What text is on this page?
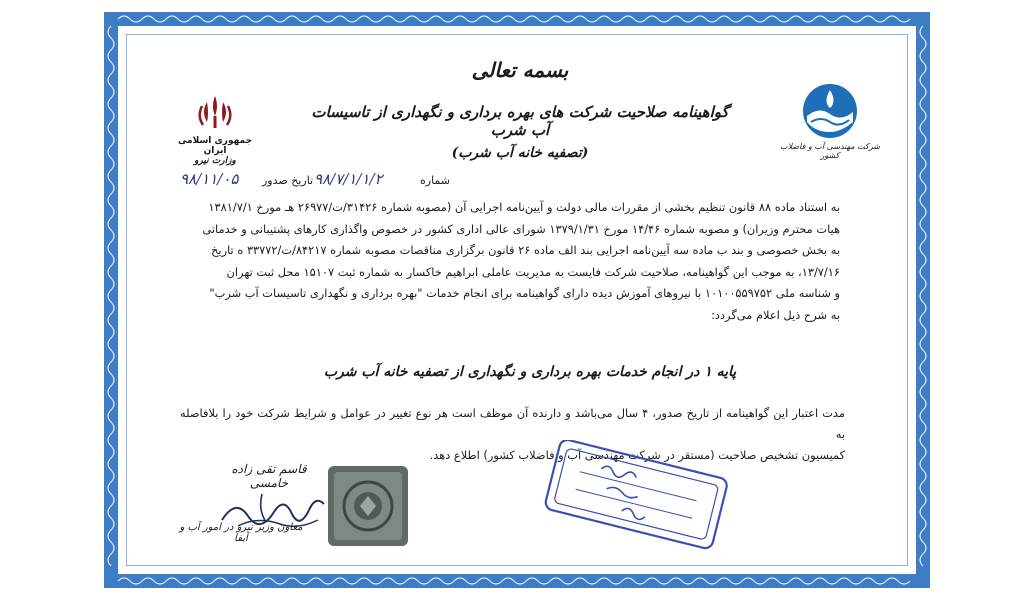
بسمه تعالی
شرکت مهندسی آب و فاضلاب کشور
جمهوری اسلامی ایران
وزارت نیرو
گواهینامه صلاحیت شرکت های بهره برداری و نگهداری از تاسیسات آب شرب
(تصفیه خانه آب شرب)
۹۸/۱۱/۰۵ تاریخ صدور ۹۸/۷/۱/۱/۲	شماره

به استناد ماده ۸۸ قانون تنظیم بخشی از مقررات مالی دولت و آیین‌نامه اجرایی آن (مصوبه شماره ۳۱۴۲۶/ت/۲۶۹۷۷ هـ مورخ ۱۳۸۱/۷/۱

هیات محترم وزیران) و مصوبه شماره ۱۴/۴۶ مورخ ۱۳۷۹/۱/۳۱ شورای عالی اداری کشور در خصوص واگذاری کارهای پشتیبانی و خدماتی

به بخش خصوصی و بند ب ماده سه آیین‌نامه اجرایی بند الف ماده ۲۶ قانون برگزاری مناقصات مصوبه شماره ۸۴۲۱۷/ت/۳۳۷۷۲ ه تاریخ

۱۳/۷/۱۶، به موجب این گواهینامه، صلاحیت شرکت فایست به مدیریت عاملی ابراهیم خاکسار به شماره ثبت ۱۵۱۰۷ محل ثبت تهران

و شناسه ملی ۱۰۱۰۰۵۵۹۷۵۲ با نیروهای آموزش دیده دارای گواهینامه برای انجام خدمات "بهره برداری و نگهداری تاسیسات آب شرب"

به شرح ذیل اعلام می‌گردد:

پایه ۱ در انجام خدمات بهره برداری و نگهداری از تصفیه خانه آب شرب

مدت اعتبار این گواهینامه از تاریخ صدور، ۴ سال می‌باشد و دارنده آن موظف است هر نوع تغییر در عوامل و شرایط شرکت خود را بلافاصله به

کمیسیون تشخیص صلاحیت (مستقر در شرکت مهندسی آب و فاضلاب کشور) اطلاع دهد.

قاسم تقی زاده خامسی
معاون وزیر نیرو در امور آب و آبفا
